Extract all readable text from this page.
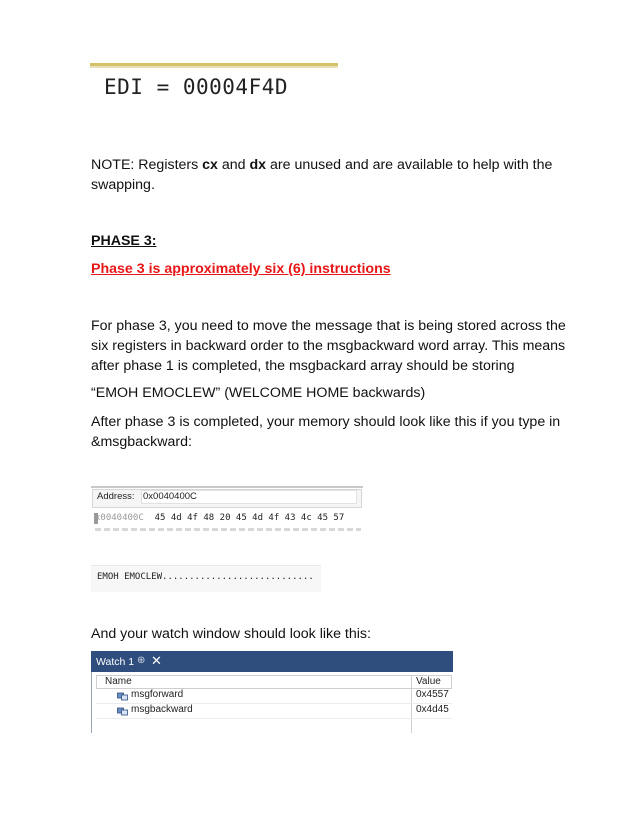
EDI = 00004F4D
NOTE: Registers cx and dx are unused and are available to help with the swapping.
PHASE 3:
Phase 3 is approximately six (6) instructions
For phase 3, you need to move the message that is being stored across the six registers in backward order to the msgbackward word array. This means after phase 1 is completed, the msgbackard array should be storing
“EMOH EMOCLEW” (WELCOME HOME backwards)
After phase 3 is completed, your memory should look like this if you type in &msgbackward:
Address: 0x0040400C
x0040400C 45 4d 4f 48 20 45 4d 4f 43 4c 45 57
EMOH EMOCLEW............................
And your watch window should look like this:
Watch 1 ⊕ ✕
Name	Value
msgforward	0x4557
msgbackward	0x4d45
